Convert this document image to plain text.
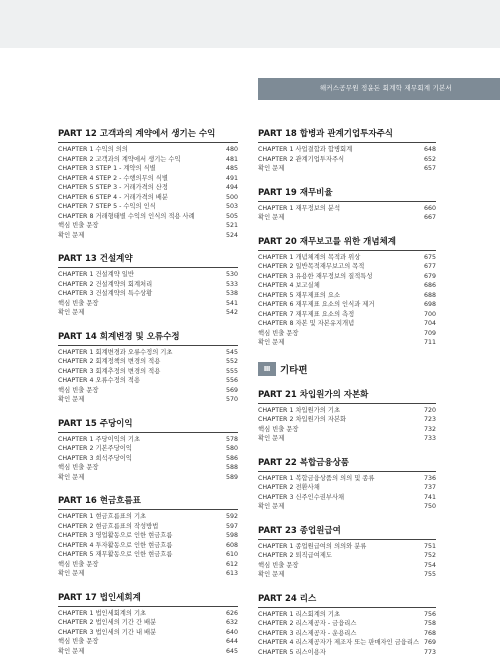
해커스공무원 정윤돈 회계학 재무회계 기본서
PART 12 고객과의 계약에서 생기는 수익
CHAPTER 1 수익의 의의	480
CHAPTER 2 고객과의 계약에서 생기는 수익	481
CHAPTER 3 STEP 1 - 계약의 식별	485
CHAPTER 4 STEP 2 - 수행의무의 식별	491
CHAPTER 5 STEP 3 - 거래가격의 산정	494
CHAPTER 6 STEP 4 - 거래가격의 배분	500
CHAPTER 7 STEP 5 - 수익의 인식	503
CHAPTER 8 거래형태별 수익의 인식의 적용 사례	505
핵심 빈출 문장	521
확인 문제	524
PART 13 건설계약
CHAPTER 1 건설계약 일반	530
CHAPTER 2 건설계약의 회계처리	533
CHAPTER 3 건설계약의 특수상황	538
핵심 빈출 문장	541
확인 문제	542
PART 14 회계변경 및 오류수정
CHAPTER 1 회계변경과 오류수정의 기초	545
CHAPTER 2 회계정책의 변경의 적용	552
CHAPTER 3 회계추정의 변경의 적용	555
CHAPTER 4 오류수정의 적용	556
핵심 빈출 문장	569
확인 문제	570
PART 15 주당이익
CHAPTER 1 주당이익의 기초	578
CHAPTER 2 기본주당이익	580
CHAPTER 3 희석주당이익	586
핵심 빈출 문장	588
확인 문제	589
PART 16 현금흐름표
CHAPTER 1 현금흐름표의 기초	592
CHAPTER 2 현금흐름표의 작성방법	597
CHAPTER 3 영업활동으로 인한 현금흐름	598
CHAPTER 4 투자활동으로 인한 현금흐름	608
CHAPTER 5 재무활동으로 인한 현금흐름	610
핵심 빈출 문장	612
확인 문제	613
PART 17 법인세회계
CHAPTER 1 법인세회계의 기초	626
CHAPTER 2 법인세의 기간 간 배분	632
CHAPTER 3 법인세의 기간 내 배분	640
핵심 빈출 문장	644
확인 문제	645
PART 18 합병과 관계기업투자주식
CHAPTER 1 사업결합과 합병회계	648
CHAPTER 2 관계기업투자주식	652
확인 문제	657
PART 19 재무비율
CHAPTER 1 재무정보의 분석	660
확인 문제	667
PART 20 재무보고를 위한 개념체계
CHAPTER 1 개념체계의 목적과 위상	675
CHAPTER 2 일반목적재무보고의 목적	677
CHAPTER 3 유용한 재무정보의 질적특성	679
CHAPTER 4 보고실체	686
CHAPTER 5 재무제표의 요소	688
CHAPTER 6 재무제표 요소의 인식과 제거	698
CHAPTER 7 재무제표 요소의 측정	700
CHAPTER 8 자본 및 자본유지개념	704
핵심 빈출 문장	709
확인 문제	711
Ⅲ	기타편
PART 21 차입원가의 자본화
CHAPTER 1 차입원가의 기초	720
CHAPTER 2 차입원가의 자본화	723
핵심 빈출 문장	732
확인 문제	733
PART 22 복합금융상품
CHAPTER 1 복합금융상품의 의의 및 종류	736
CHAPTER 2 전환사채	737
CHAPTER 3 신주인수권부사채	741
확인 문제	750
PART 23 종업원급여
CHAPTER 1 종업원급여의 의의와 분류	751
CHAPTER 2 퇴직급여제도	752
핵심 빈출 문장	754
확인 문제	755
PART 24 리스
CHAPTER 1 리스회계의 기초	756
CHAPTER 2 리스제공자 - 금융리스	758
CHAPTER 3 리스제공자 - 운용리스	768
CHAPTER 4 리스제공자가 제조자 또는 판매자인 금융리스 769
CHAPTER 5 리스이용자	773
